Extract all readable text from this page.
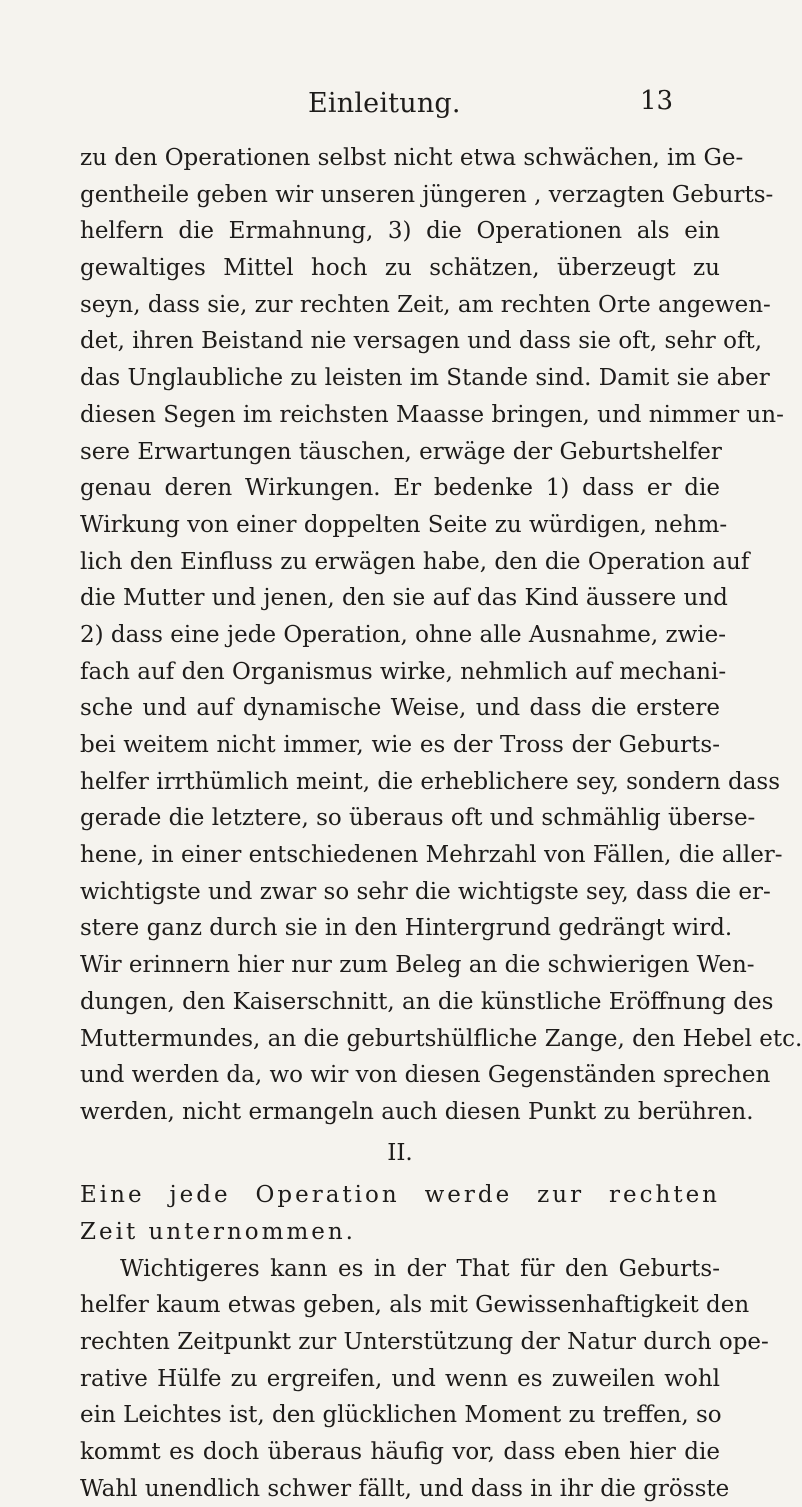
Einleitung.	13
zu den Operationen selbst nicht etwa schwächen, im Ge-
gentheile geben wir unseren jüngeren , verzagten Geburts-
helfern die Ermahnung, 3) die Operationen als ein
gewaltiges Mittel hoch zu schätzen, überzeugt zu
seyn, dass sie, zur rechten Zeit, am rechten Orte angewen-
det, ihren Beistand nie versagen und dass sie oft, sehr oft,
das Unglaubliche zu leisten im Stande sind. Damit sie aber
diesen Segen im reichsten Maasse bringen, und nimmer un-
sere Erwartungen täuschen, erwäge der Geburtshelfer
genau deren Wirkungen. Er bedenke 1) dass er die
Wirkung von einer doppelten Seite zu würdigen, nehm-
lich den Einfluss zu erwägen habe, den die Operation auf
die Mutter und jenen, den sie auf das Kind äussere und
2) dass eine jede Operation, ohne alle Ausnahme, zwie-
fach auf den Organismus wirke, nehmlich auf mechani-
sche und auf dynamische Weise, und dass die erstere
bei weitem nicht immer, wie es der Tross der Geburts-
helfer irrthümlich meint, die erheblichere sey, sondern dass
gerade die letztere, so überaus oft und schmählig überse-
hene, in einer entschiedenen Mehrzahl von Fällen, die aller-
wichtigste und zwar so sehr die wichtigste sey, dass die er-
stere ganz durch sie in den Hintergrund gedrängt wird.
Wir erinnern hier nur zum Beleg an die schwierigen Wen-
dungen, den Kaiserschnitt, an die künstliche Eröffnung des
Muttermundes, an die geburtshülfliche Zange, den Hebel etc.
und werden da, wo wir von diesen Gegenständen sprechen
werden, nicht ermangeln auch diesen Punkt zu berühren.
II.
Eine jede Operation werde zur rechten
Zeit unternommen.
Wichtigeres kann es in der That für den Geburts-
helfer kaum etwas geben, als mit Gewissenhaftigkeit den
rechten Zeitpunkt zur Unterstützung der Natur durch ope-
rative Hülfe zu ergreifen, und wenn es zuweilen wohl
ein Leichtes ist, den glücklichen Moment zu treffen, so
kommt es doch überaus häufig vor, dass eben hier die
Wahl unendlich schwer fällt, und dass in ihr die grösste
